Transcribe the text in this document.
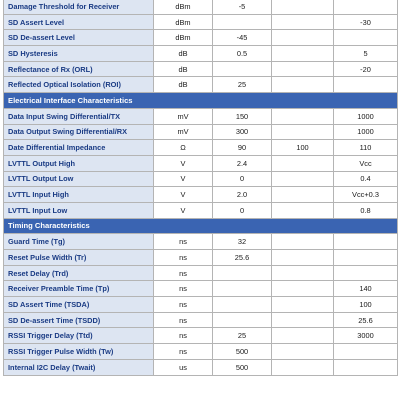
Damage Threshold for Receiver	dBm	-5		
SD Assert Level	dBm			-30
SD De-assert Level	dBm	-45		
SD Hysteresis	dB	0.5		5
Reflectance of Rx (ORL)	dB			-20
Reflected Optical Isolation (ROI)	dB	25		
Electrical Interface Characteristics				
Data Input Swing Differential/TX	mV	150		1000
Data Output Swing Differential/RX	mV	300		1000
Date Differential Impedance	Ω	90	100	110
LVTTL Output High	V	2.4		Vcc
LVTTL Output Low	V	0		0.4
LVTTL Input High	V	2.0		Vcc+0.3
LVTTL Input Low	V	0		0.8
Timing Characteristics				
Guard Time (Tg)	ns	32		
Reset Pulse Width (Tr)	ns	25.6		
Reset Delay (Trd)	ns			
Receiver Preamble Time (Tp)	ns			140
SD Assert Time (TSDA)	ns			100
SD De-assert Time (TSDD)	ns			25.6
RSSI Trigger Delay (Ttd)	ns	25		3000
RSSI Trigger Pulse Width (Tw)	ns	500		
Internal I2C Delay (Twait)	us	500		
